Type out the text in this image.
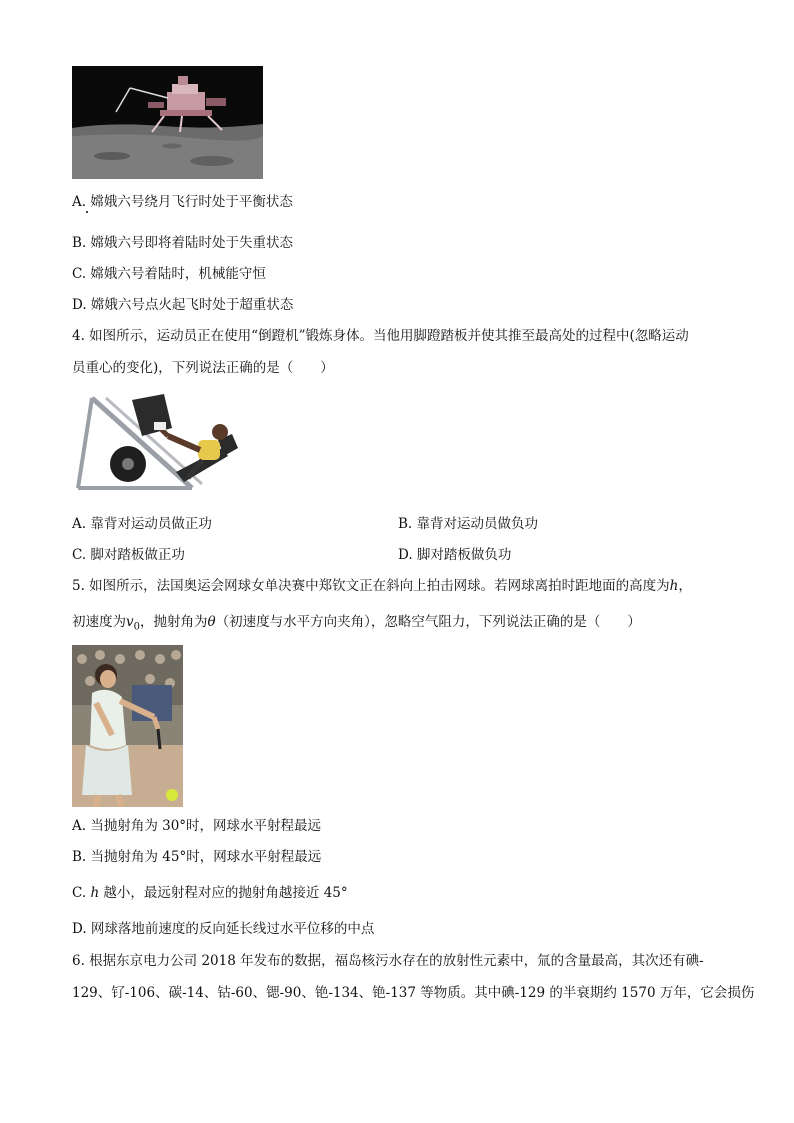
A. 嫦娥六号绕月飞行时处于平衡状态
B. 嫦娥六号即将着陆时处于失重状态
C. 嫦娥六号着陆时，机械能守恒
D. 嫦娥六号点火起飞时处于超重状态
4. 如图所示，运动员正在使用“倒蹬机”锻炼身体。当他用脚蹬踏板并使其推至最高处的过程中(忽略运动
员重心的变化)，下列说法正确的是（　　）
A. 靠背对运动员做正功	B. 靠背对运动员做负功
C. 脚对踏板做正功	D. 脚对踏板做负功
5. 如图所示，法国奥运会网球女单决赛中郑钦文正在斜向上拍击网球。若网球离拍时距地面的高度为h，
初速度为$v_0$，抛射角为θ（初速度与水平方向夹角），忽略空气阻力，下列说法正确的是（　　）
A. 当抛射角为 30°时，网球水平射程最远
B. 当抛射角为 45°时，网球水平射程最远
C. h 越小，最远射程对应的抛射角越接近 45°
D. 网球落地前速度的反向延长线过水平位移的中点
6. 根据东京电力公司 2018 年发布的数据，福岛核污水存在的放射性元素中，氚的含量最高，其次还有碘-
129、钌-106、碳-14、钴-60、锶-90、铯-134、铯-137 等物质。其中碘-129 的半衰期约 1570 万年，它会损伤
